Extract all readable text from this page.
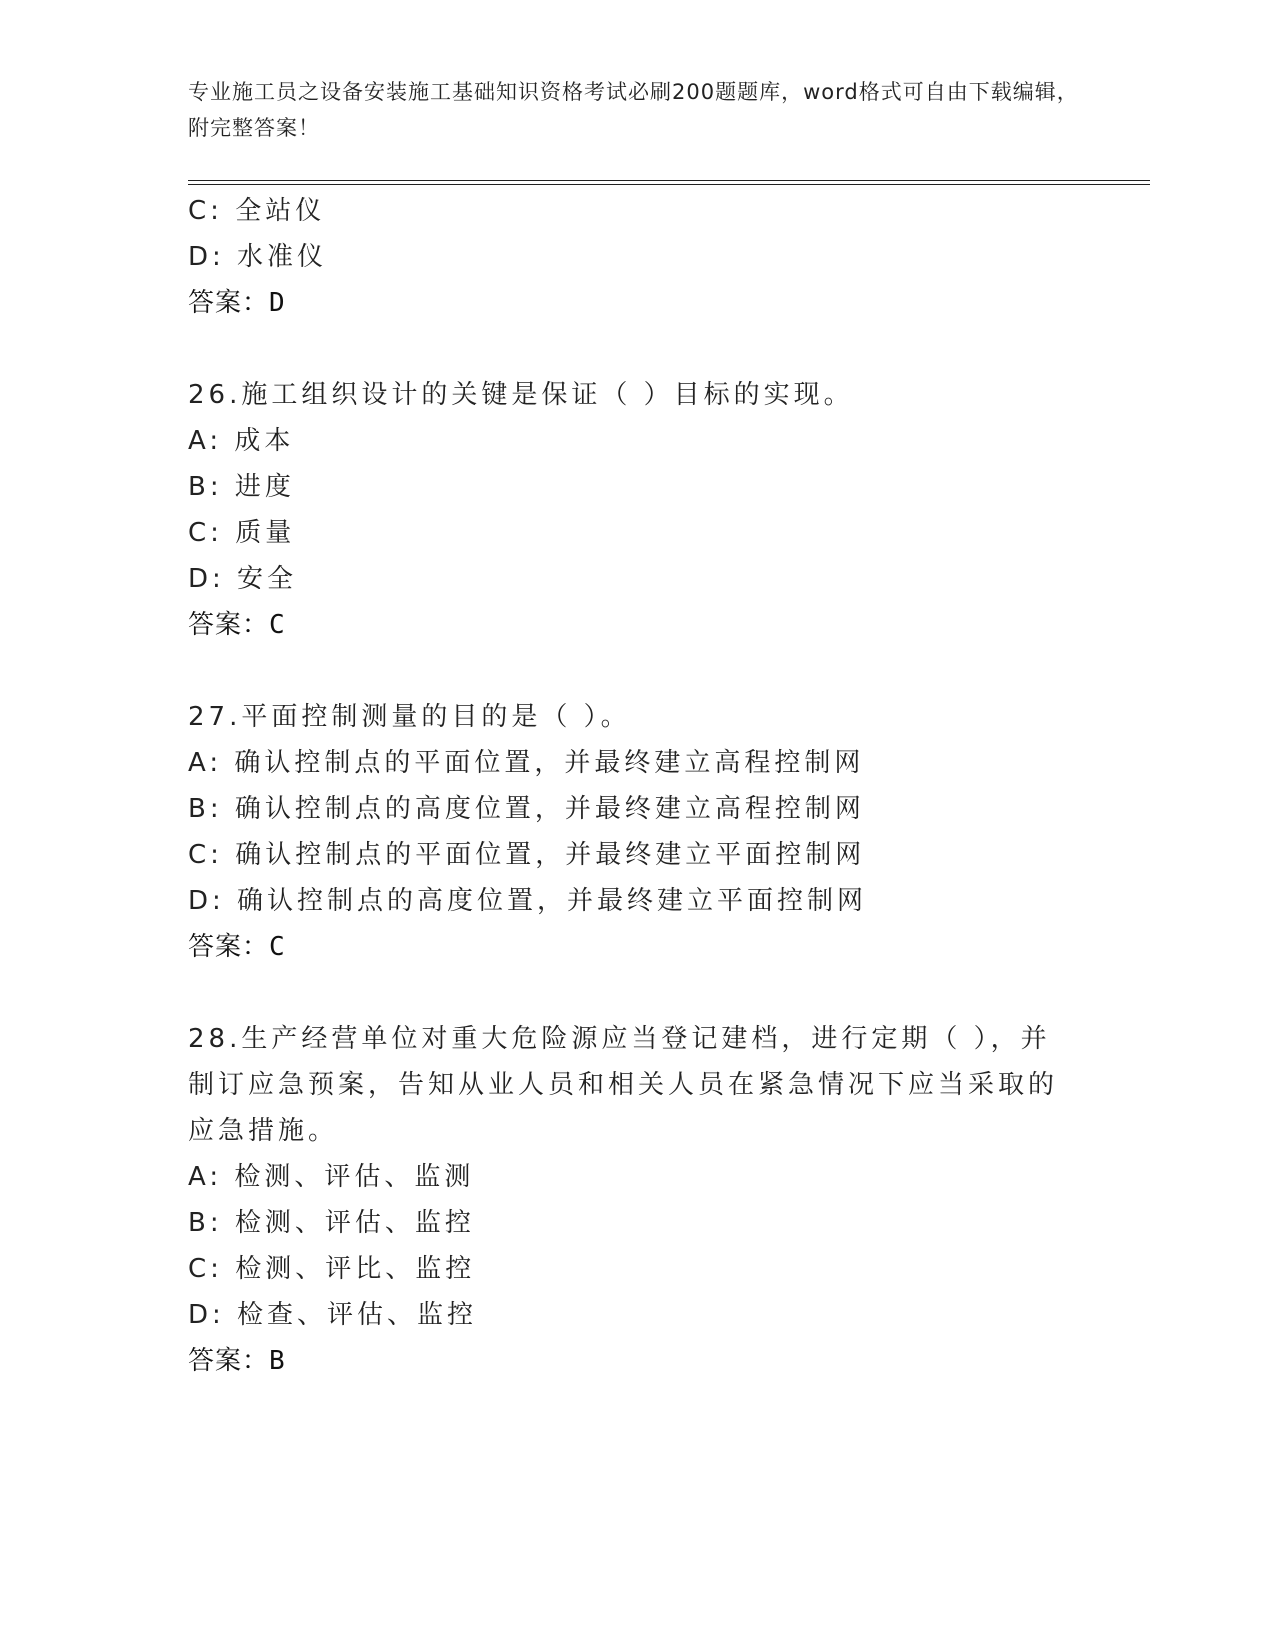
专业施工员之设备安装施工基础知识资格考试必刷200题题库，word格式可自由下载编辑，附完整答案！
C: 全站仪
D: 水准仪
答案：D
26.施工组织设计的关键是保证（ ）目标的实现。
A: 成本
B: 进度
C: 质量
D: 安全
答案：C
27.平面控制测量的目的是（ ）。
A: 确认控制点的平面位置，并最终建立高程控制网
B: 确认控制点的高度位置，并最终建立高程控制网
C: 确认控制点的平面位置，并最终建立平面控制网
D: 确认控制点的高度位置，并最终建立平面控制网
答案：C
28.生产经营单位对重大危险源应当登记建档，进行定期（ ），并制订应急预案，告知从业人员和相关人员在紧急情况下应当采取的应急措施。
A: 检测、评估、监测
B: 检测、评估、监控
C: 检测、评比、监控
D: 检查、评估、监控
答案：B
